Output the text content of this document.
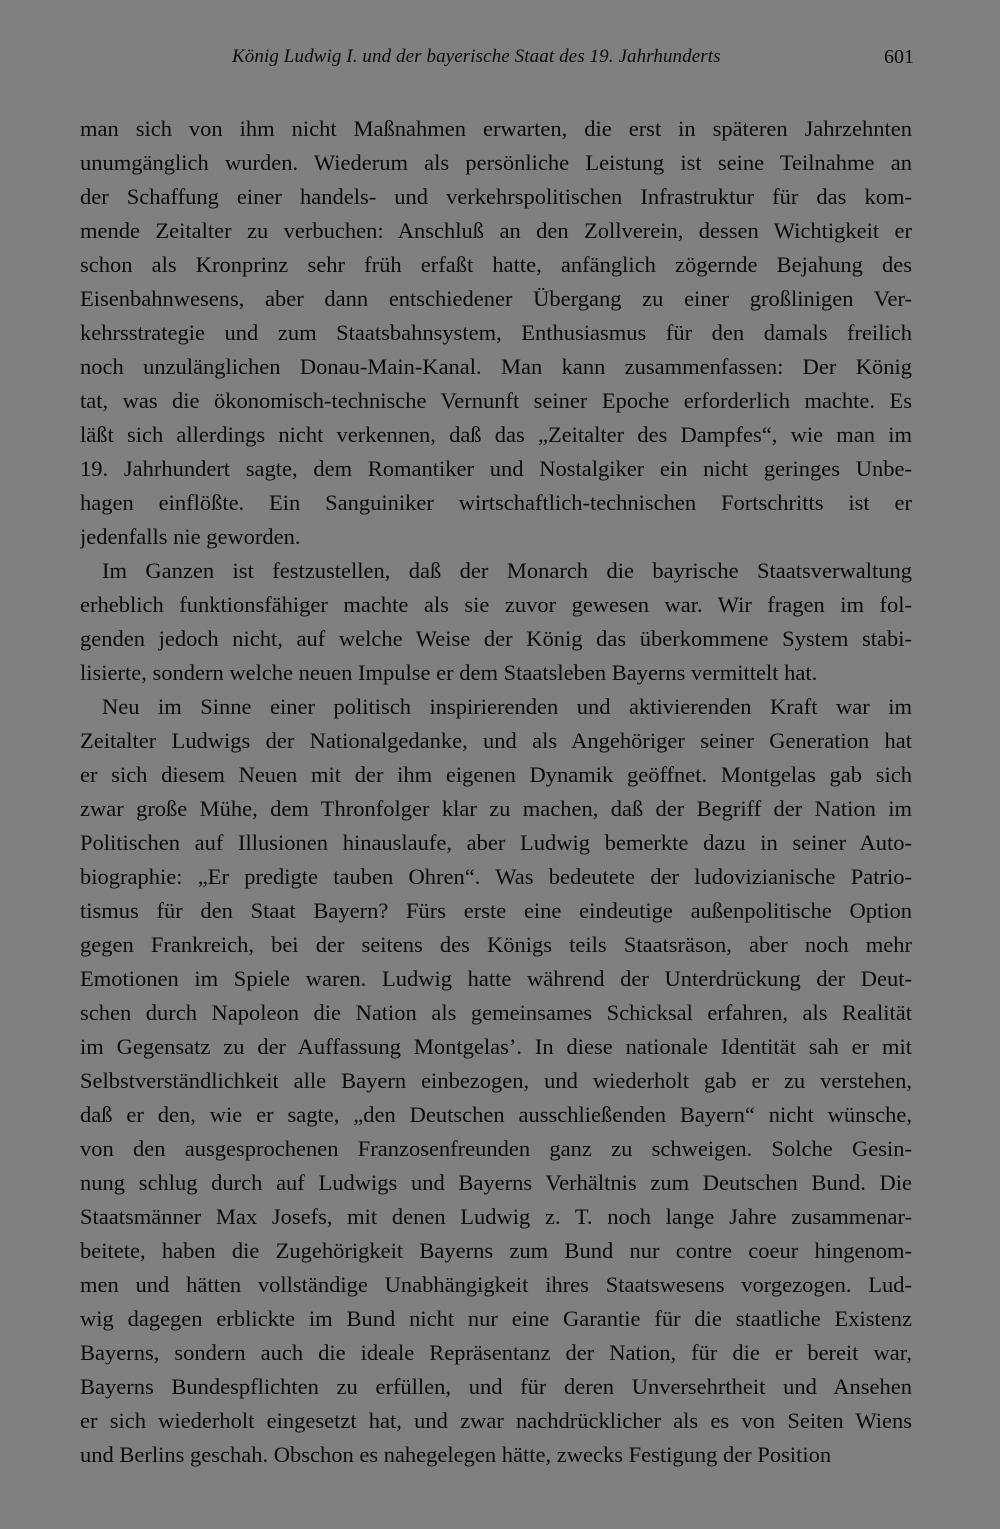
König Ludwig I. und der bayerische Staat des 19. Jahrhunderts	601
man sich von ihm nicht Maßnahmen erwarten, die erst in späteren Jahrzehnten
unumgänglich wurden. Wiederum als persönliche Leistung ist seine Teilnahme an
der Schaffung einer handels- und verkehrspolitischen Infrastruktur für das kom-
mende Zeitalter zu verbuchen: Anschluß an den Zollverein, dessen Wichtigkeit er
schon als Kronprinz sehr früh erfaßt hatte, anfänglich zögernde Bejahung des
Eisenbahnwesens, aber dann entschiedener Übergang zu einer großlinigen Ver-
kehrsstrategie und zum Staatsbahnsystem, Enthusiasmus für den damals freilich
noch unzulänglichen Donau-Main-Kanal. Man kann zusammenfassen: Der König
tat, was die ökonomisch-technische Vernunft seiner Epoche erforderlich machte. Es
läßt sich allerdings nicht verkennen, daß das „Zeitalter des Dampfes“, wie man im
19. Jahrhundert sagte, dem Romantiker und Nostalgiker ein nicht geringes Unbe-
hagen einflößte. Ein Sanguiniker wirtschaftlich-technischen Fortschritts ist er
jedenfalls nie geworden.
Im Ganzen ist festzustellen, daß der Monarch die bayrische Staatsverwaltung
erheblich funktionsfähiger machte als sie zuvor gewesen war. Wir fragen im fol-
genden jedoch nicht, auf welche Weise der König das überkommene System stabi-
lisierte, sondern welche neuen Impulse er dem Staatsleben Bayerns vermittelt hat.
Neu im Sinne einer politisch inspirierenden und aktivierenden Kraft war im
Zeitalter Ludwigs der Nationalgedanke, und als Angehöriger seiner Generation hat
er sich diesem Neuen mit der ihm eigenen Dynamik geöffnet. Montgelas gab sich
zwar große Mühe, dem Thronfolger klar zu machen, daß der Begriff der Nation im
Politischen auf Illusionen hinauslaufe, aber Ludwig bemerkte dazu in seiner Auto-
biographie: „Er predigte tauben Ohren“. Was bedeutete der ludovizianische Patrio-
tismus für den Staat Bayern? Fürs erste eine eindeutige außenpolitische Option
gegen Frankreich, bei der seitens des Königs teils Staatsräson, aber noch mehr
Emotionen im Spiele waren. Ludwig hatte während der Unterdrückung der Deut-
schen durch Napoleon die Nation als gemeinsames Schicksal erfahren, als Realität
im Gegensatz zu der Auffassung Montgelas’. In diese nationale Identität sah er mit
Selbstverständlichkeit alle Bayern einbezogen, und wiederholt gab er zu verstehen,
daß er den, wie er sagte, „den Deutschen ausschließenden Bayern“ nicht wünsche,
von den ausgesprochenen Franzosenfreunden ganz zu schweigen. Solche Gesin-
nung schlug durch auf Ludwigs und Bayerns Verhältnis zum Deutschen Bund. Die
Staatsmänner Max Josefs, mit denen Ludwig z. T. noch lange Jahre zusammenar-
beitete, haben die Zugehörigkeit Bayerns zum Bund nur contre coeur hingenom-
men und hätten vollständige Unabhängigkeit ihres Staatswesens vorgezogen. Lud-
wig dagegen erblickte im Bund nicht nur eine Garantie für die staatliche Existenz
Bayerns, sondern auch die ideale Repräsentanz der Nation, für die er bereit war,
Bayerns Bundespflichten zu erfüllen, und für deren Unversehrtheit und Ansehen
er sich wiederholt eingesetzt hat, und zwar nachdrücklicher als es von Seiten Wiens
und Berlins geschah. Obschon es nahegelegen hätte, zwecks Festigung der Position
